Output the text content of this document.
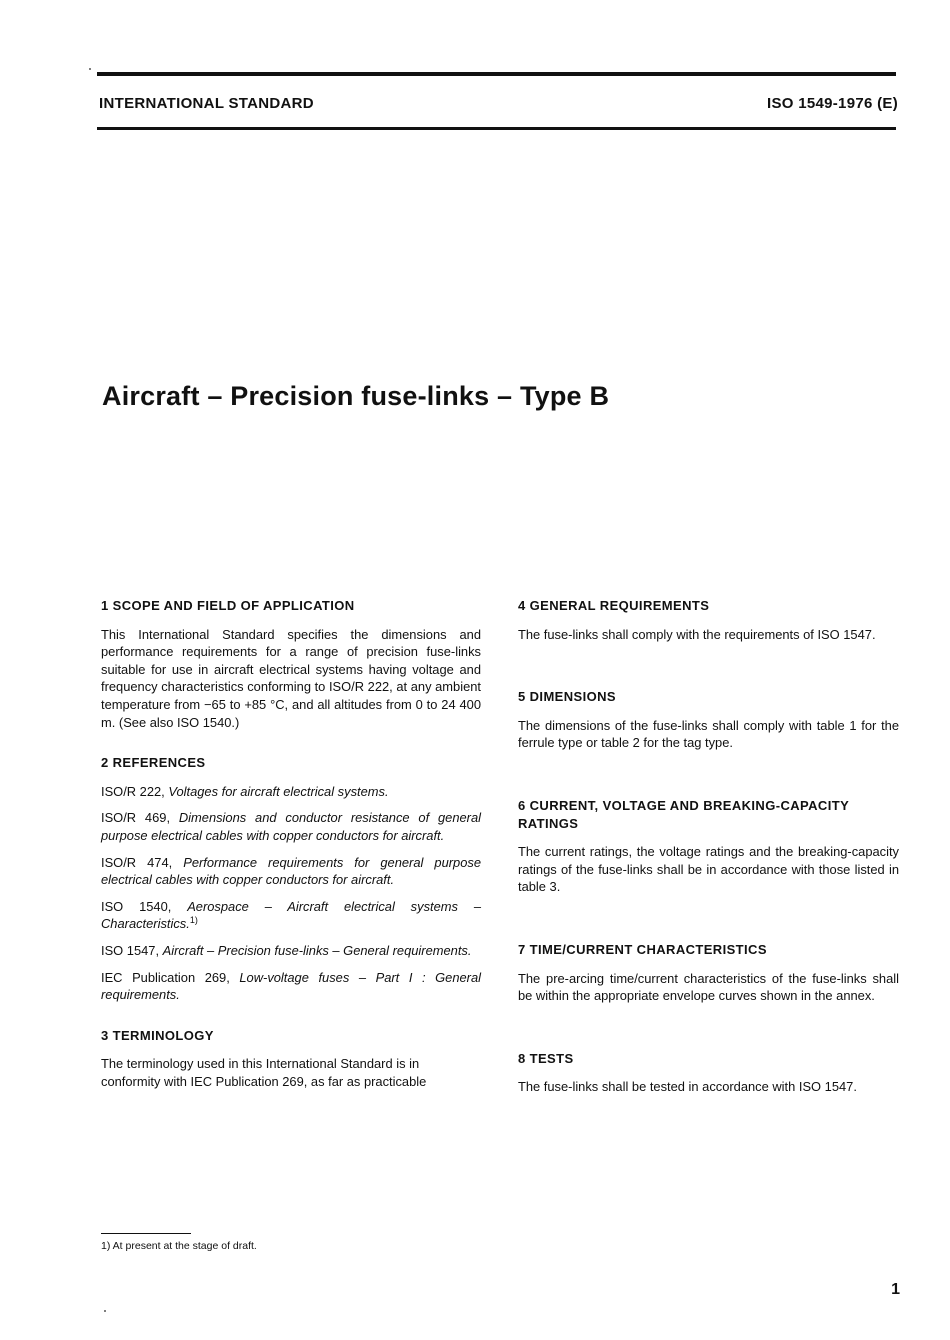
INTERNATIONAL STANDARD	ISO 1549-1976 (E)
Aircraft – Precision fuse-links – Type B
1 SCOPE AND FIELD OF APPLICATION

This International Standard specifies the dimensions and performance requirements for a range of precision fuse-links suitable for use in aircraft electrical systems having voltage and frequency characteristics conforming to ISO/R 222, at any ambient temperature from −65 to +85 °C, and all altitudes from 0 to 24 400 m. (See also ISO 1540.)

2 REFERENCES

ISO/R 222, Voltages for aircraft electrical systems.

ISO/R 469, Dimensions and conductor resistance of general purpose electrical cables with copper conductors for aircraft.

ISO/R 474, Performance requirements for general purpose electrical cables with copper conductors for aircraft.

ISO 1540, Aerospace – Aircraft electrical systems – Characteristics.$^{1)}$

ISO 1547, Aircraft – Precision fuse-links – General requirements.

IEC Publication 269, Low-voltage fuses – Part I : General requirements.

3 TERMINOLOGY

The terminology used in this International Standard is in conformity with IEC Publication 269, as far as practicable

4 GENERAL REQUIREMENTS

The fuse-links shall comply with the requirements of ISO 1547.

5 DIMENSIONS

The dimensions of the fuse-links shall comply with table 1 for the ferrule type or table 2 for the tag type.

6 CURRENT, VOLTAGE AND BREAKING-CAPACITY RATINGS

The current ratings, the voltage ratings and the breaking-capacity ratings of the fuse-links shall be in accordance with those listed in table 3.

7 TIME/CURRENT CHARACTERISTICS

The pre-arcing time/current characteristics of the fuse-links shall be within the appropriate envelope curves shown in the annex.

8 TESTS

The fuse-links shall be tested in accordance with ISO 1547.

1) At present at the stage of draft.
1
